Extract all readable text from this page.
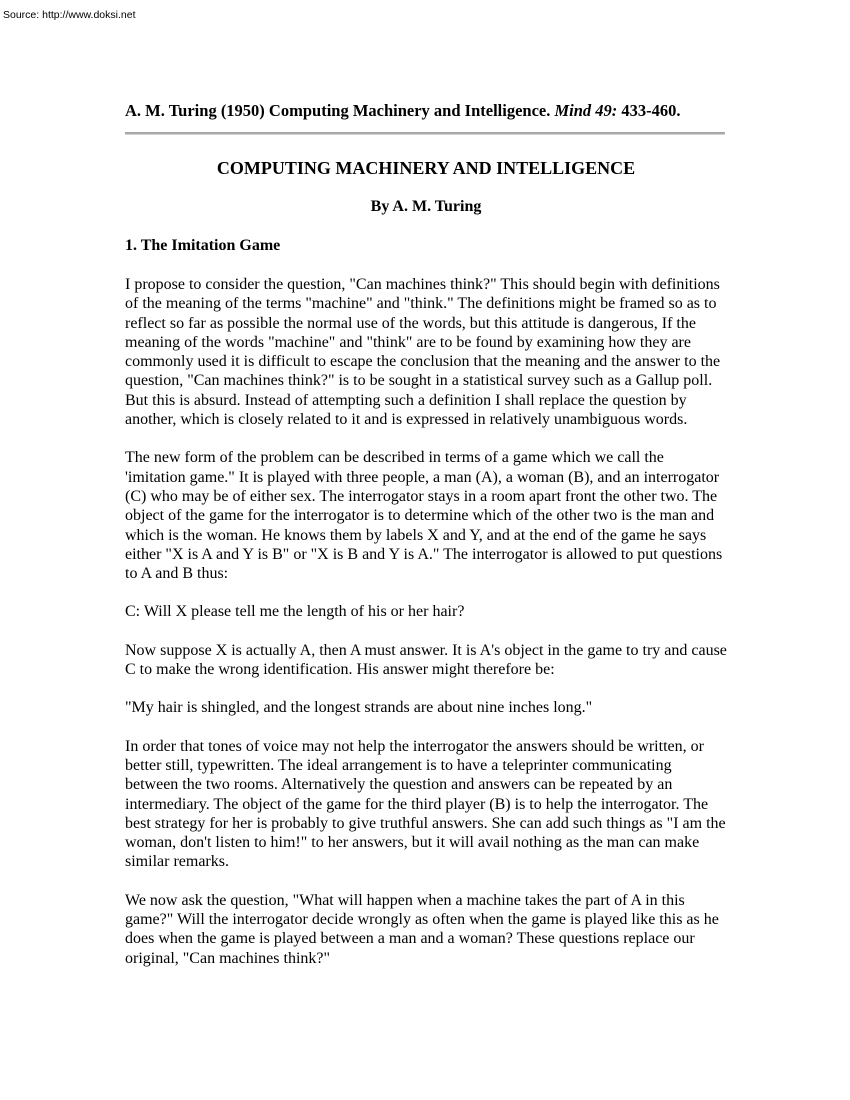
Source: http://www.doksi.net

A. M. Turing (1950) Computing Machinery and Intelligence. Mind 49: 433-460.

COMPUTING MACHINERY AND INTELLIGENCE

By A. M. Turing

1. The Imitation Game

I propose to consider the question, "Can machines think?" This should begin with definitions of the meaning of the terms "machine" and "think." The definitions might be framed so as to reflect so far as possible the normal use of the words, but this attitude is dangerous, If the meaning of the words "machine" and "think" are to be found by examining how they are commonly used it is difficult to escape the conclusion that the meaning and the answer to the question, "Can machines think?" is to be sought in a statistical survey such as a Gallup poll. But this is absurd. Instead of attempting such a definition I shall replace the question by another, which is closely related to it and is expressed in relatively unambiguous words.

The new form of the problem can be described in terms of a game which we call the 'imitation game." It is played with three people, a man (A), a woman (B), and an interrogator (C) who may be of either sex. The interrogator stays in a room apart front the other two. The object of the game for the interrogator is to determine which of the other two is the man and which is the woman. He knows them by labels X and Y, and at the end of the game he says either "X is A and Y is B" or "X is B and Y is A." The interrogator is allowed to put questions to A and B thus:

C: Will X please tell me the length of his or her hair?

Now suppose X is actually A, then A must answer. It is A's object in the game to try and cause C to make the wrong identification. His answer might therefore be:

"My hair is shingled, and the longest strands are about nine inches long."

In order that tones of voice may not help the interrogator the answers should be written, or better still, typewritten. The ideal arrangement is to have a teleprinter communicating between the two rooms. Alternatively the question and answers can be repeated by an intermediary. The object of the game for the third player (B) is to help the interrogator. The best strategy for her is probably to give truthful answers. She can add such things as "I am the woman, don't listen to him!" to her answers, but it will avail nothing as the man can make similar remarks.

We now ask the question, "What will happen when a machine takes the part of A in this game?" Will the interrogator decide wrongly as often when the game is played like this as he does when the game is played between a man and a woman? These questions replace our original, "Can machines think?"
